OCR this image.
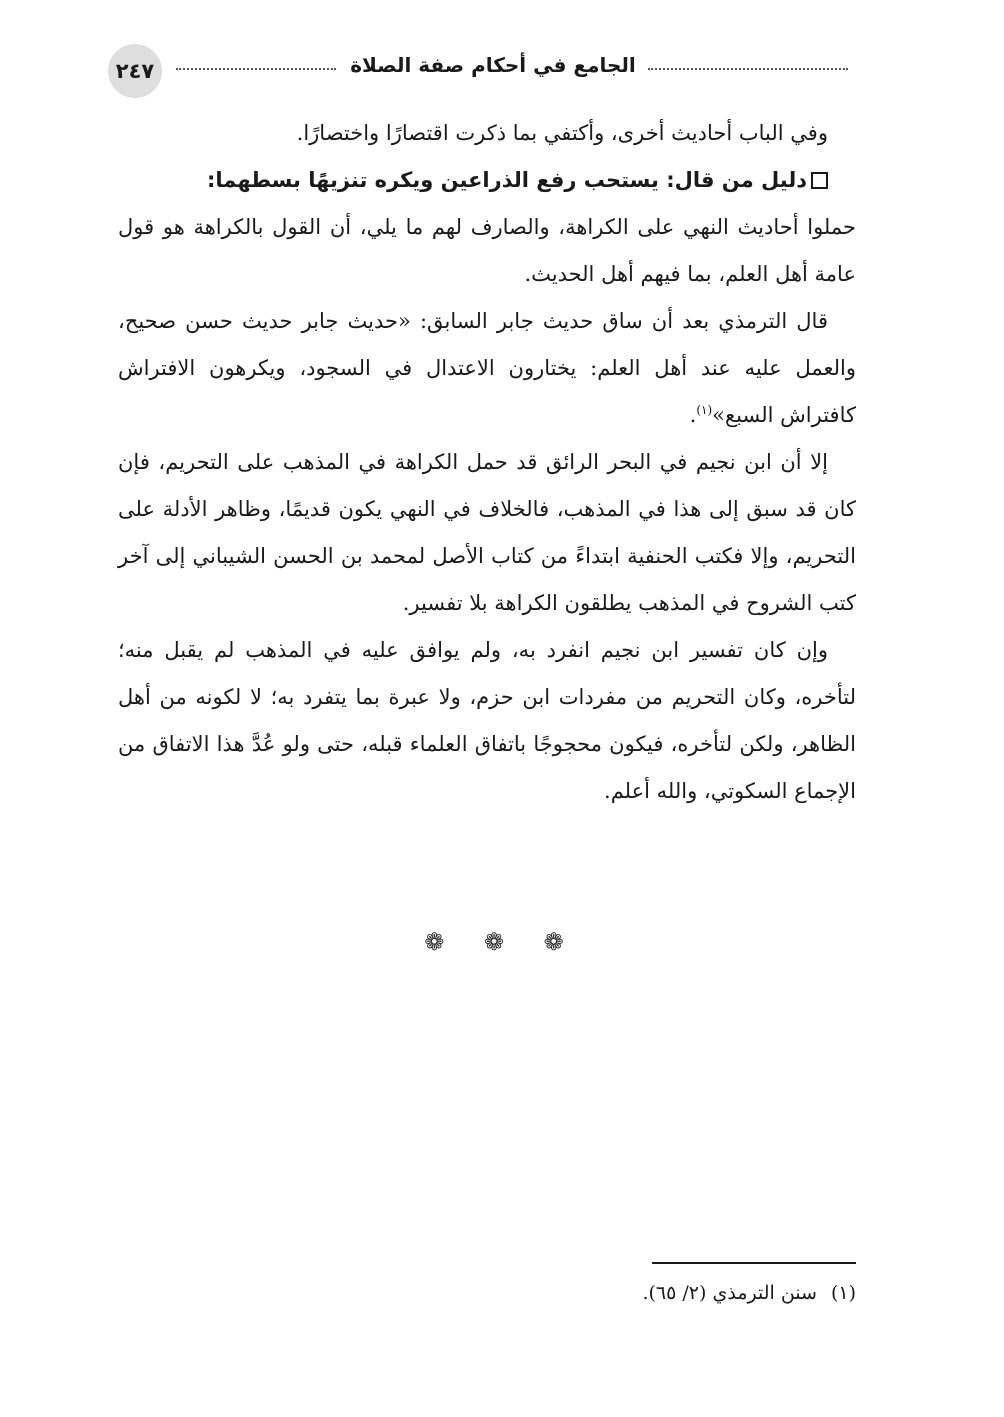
٢٤٧	الجامع في أحكام صفة الصلاة

وفي الباب أحاديث أخرى، وأكتفي بما ذكرت اقتصارًا واختصارًا.

دليل من قال: يستحب رفع الذراعين ويكره تنزيهًا بسطهما:

حملوا أحاديث النهي على الكراهة، والصارف لهم ما يلي، أن القول بالكراهة هو قول عامة أهل العلم، بما فيهم أهل الحديث.

قال الترمذي بعد أن ساق حديث جابر السابق: «حديث جابر حديث حسن صحيح، والعمل عليه عند أهل العلم: يختارون الاعتدال في السجود، ويكرهون الافتراش كافتراش السبع»$^{(١)}$.

إلا أن ابن نجيم في البحر الرائق قد حمل الكراهة في المذهب على التحريم، فإن كان قد سبق إلى هذا في المذهب، فالخلاف في النهي يكون قديمًا، وظاهر الأدلة على التحريم، وإلا فكتب الحنفية ابتداءً من كتاب الأصل لمحمد بن الحسن الشيباني إلى آخر كتب الشروح في المذهب يطلقون الكراهة بلا تفسير.

وإن كان تفسير ابن نجيم انفرد به، ولم يوافق عليه في المذهب لم يقبل منه؛ لتأخره، وكان التحريم من مفردات ابن حزم، ولا عبرة بما يتفرد به؛ لا لكونه من أهل الظاهر، ولكن لتأخره، فيكون محجوجًا باتفاق العلماء قبله، حتى ولو عُدَّ هذا الاتفاق من الإجماع السكوتي، والله أعلم.

❁ ❁ ❁
(١)سنن الترمذي (٢/ ٦٥).
